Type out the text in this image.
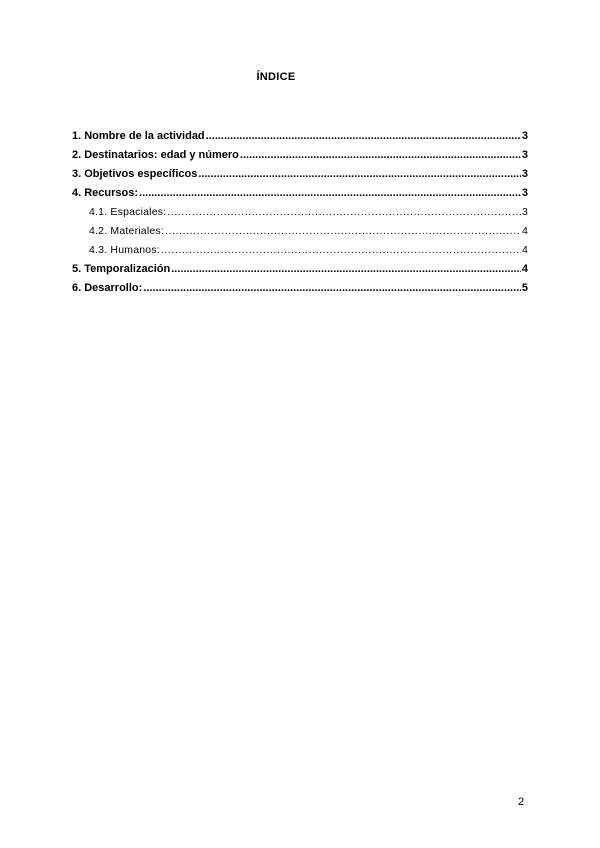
ÍNDICE
1. Nombre de la actividad .....	3
2. Destinatarios: edad y número .....	3
3. Objetivos específicos .....	3
4. Recursos: .....	3
4.1. Espaciales: .....	3
4.2. Materiales: .....	4
4.3. Humanos: .....	4
5. Temporalización .....	4
6. Desarrollo: .....	5
2
